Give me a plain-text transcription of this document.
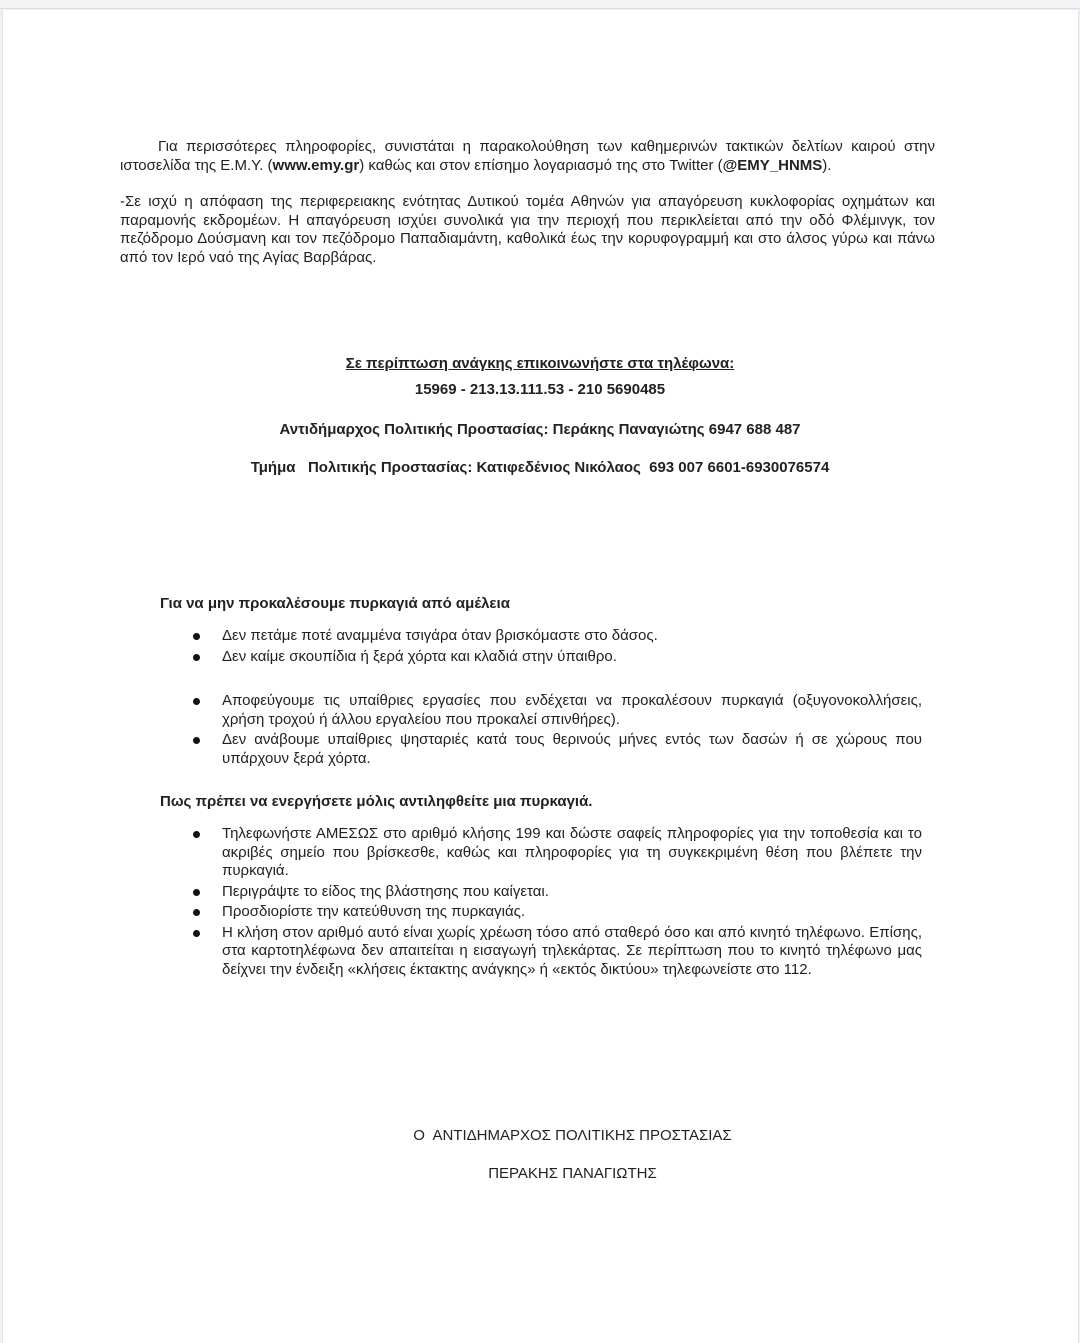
Για περισσότερες πληροφορίες, συνιστάται η παρακολούθηση των καθημερινών τακτικών δελτίων καιρού στην ιστοσελίδα της Ε.Μ.Υ. (www.emy.gr) καθώς και στον επίσημο λογαριασμό της στο Twitter (@EMY_HNMS).

-Σε ισχύ η απόφαση της περιφερειακης ενότητας Δυτικού τομέα Αθηνών για απαγόρευση κυκλοφορίας οχημάτων και παραμονής εκδρομέων. Η απαγόρευση ισχύει συνολικά για την περιοχή που περικλείεται από την οδό Φλέμινγκ, τον πεζόδρομο Δούσμανη και τον πεζόδρομο Παπαδιαμάντη, καθολικά έως την κορυφογραμμή και στο άλσος γύρω και πάνω από τον Ιερό ναό της Αγίας Βαρβάρας.

Σε περίπτωση ανάγκης επικοινωνήστε στα τηλέφωνα:

15969 - 213.13.111.53 - 210 5690485

Αντιδήμαρχος Πολιτικής Προστασίας: Περάκης Παναγιώτης 6947 688 487

Τμήμα   Πολιτικής Προστασίας: Κατιφεδένιος Νικόλαος  693 007 6601-6930076574

Για να μην προκαλέσουμε πυρκαγιά από αμέλεια

Δεν πετάμε ποτέ αναμμένα τσιγάρα όταν βρισκόμαστε στο δάσος.
Δεν καίμε σκουπίδια ή ξερά χόρτα και κλαδιά στην ύπαιθρο.
Αποφεύγουμε τις υπαίθριες εργασίες που ενδέχεται να προκαλέσουν πυρκαγιά (οξυγονοκολλήσεις, χρήση τροχού ή άλλου εργαλείου που προκαλεί σπινθήρες).
Δεν ανάβουμε υπαίθριες ψησταριές κατά τους θερινούς μήνες εντός των δασών ή σε χώρους που υπάρχουν ξερά χόρτα.

Πως πρέπει να ενεργήσετε μόλις αντιληφθείτε μια πυρκαγιά.

Τηλεφωνήστε ΑΜΕΣΩΣ στο αριθμό κλήσης 199 και δώστε σαφείς πληροφορίες για την τοποθεσία και το ακριβές σημείο που βρίσκεσθε, καθώς και πληροφορίες για τη συγκεκριμένη θέση που βλέπετε την πυρκαγιά.
Περιγράψτε το είδος της βλάστησης που καίγεται.
Προσδιορίστε την κατεύθυνση της πυρκαγιάς.
Η κλήση στον αριθμό αυτό είναι χωρίς χρέωση τόσο από σταθερό όσο και από κινητό τηλέφωνο. Επίσης, στα καρτοτηλέφωνα δεν απαιτείται η εισαγωγή τηλεκάρτας. Σε περίπτωση που το κινητό τηλέφωνο μας δείχνει την ένδειξη «κλήσεις έκτακτης ανάγκης» ή «εκτός δικτύου» τηλεφωνείστε στο 112.

Ο  ΑΝΤΙΔΗΜΑΡΧΟΣ ΠΟΛΙΤΙΚΗΣ ΠΡΟΣΤΑΣΙΑΣ

ΠΕΡΑΚΗΣ ΠΑΝΑΓΙΩΤΗΣ
